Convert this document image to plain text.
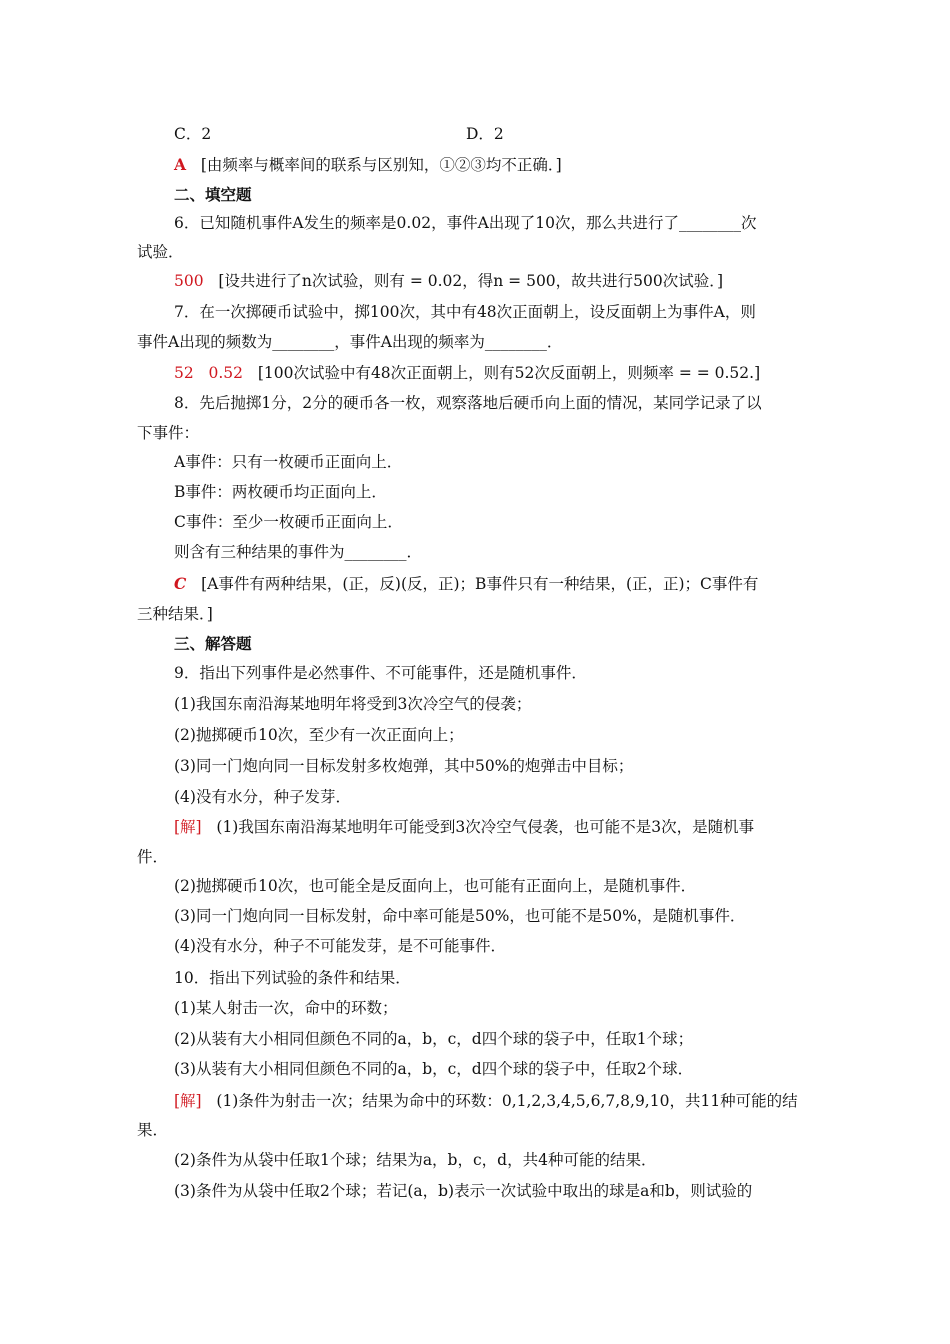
C．2	D．2
A [由频率与概率间的联系与区别知，①②③均不正确．]
二、填空题
6．已知随机事件A发生的频率是0.02，事件A出现了10次，那么共进行了________次
试验．
500 [设共进行了n次试验，则有 = 0.02，得n = 500，故共进行500次试验．]
7．在一次掷硬币试验中，掷100次，其中有48次正面朝上，设反面朝上为事件A，则
事件A出现的频数为________，事件A出现的频率为________．
52 0.52 [100次试验中有48次正面朝上，则有52次反面朝上，则频率 = = 0.52.]
8．先后抛掷1分，2分的硬币各一枚，观察落地后硬币向上面的情况，某同学记录了以
下事件：
A事件：只有一枚硬币正面向上．
B事件：两枚硬币均正面向上．
C事件：至少一枚硬币正面向上．
则含有三种结果的事件为________．
C [A事件有两种结果，(正，反)(反，正)；B事件只有一种结果，(正，正)；C事件有
三种结果．]
三、解答题
9．指出下列事件是必然事件、不可能事件，还是随机事件．
(1)我国东南沿海某地明年将受到3次冷空气的侵袭；
(2)抛掷硬币10次，至少有一次正面向上；
(3)同一门炮向同一目标发射多枚炮弹，其中50%的炮弹击中目标；
(4)没有水分，种子发芽．
[解] (1)我国东南沿海某地明年可能受到3次冷空气侵袭，也可能不是3次，是随机事
件．
(2)抛掷硬币10次，也可能全是反面向上，也可能有正面向上，是随机事件．
(3)同一门炮向同一目标发射，命中率可能是50%，也可能不是50%，是随机事件．
(4)没有水分，种子不可能发芽，是不可能事件．
10．指出下列试验的条件和结果．
(1)某人射击一次，命中的环数；
(2)从装有大小相同但颜色不同的a，b，c，d四个球的袋子中，任取1个球；
(3)从装有大小相同但颜色不同的a，b，c，d四个球的袋子中，任取2个球．
[解] (1)条件为射击一次；结果为命中的环数：0,1,2,3,4,5,6,7,8,9,10，共11种可能的结
果．
(2)条件为从袋中任取1个球；结果为a，b，c，d，共4种可能的结果．
(3)条件为从袋中任取2个球；若记(a，b)表示一次试验中取出的球是a和b，则试验的
